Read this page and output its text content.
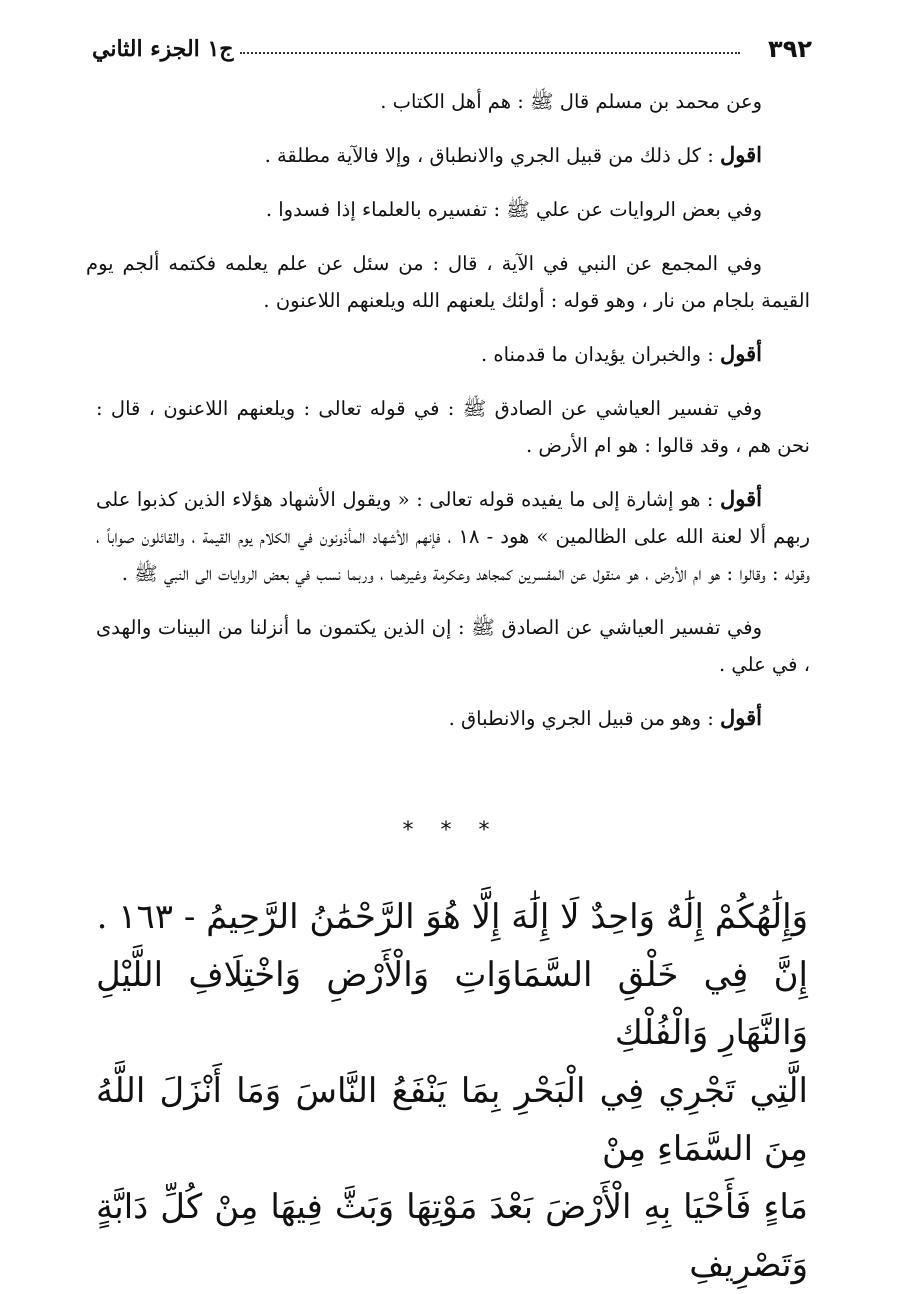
٣٩٢
ج١ الجزء الثاني

وعن محمد بن مسلم قال ﷺ : هم أهل الكتاب .

اقول : كل ذلك من قبيل الجري والانطباق ، وإلا فالآية مطلقة .

وفي بعض الروايات عن علي ﷺ : تفسيره بالعلماء إذا فسدوا .

وفي المجمع عن النبي في الآية ، قال : من سئل عن علم يعلمه فكتمه ألجم يوم القيمة بلجام من نار ، وهو قوله : أولئك يلعنهم الله ويلعنهم اللاعنون .

أقول : والخبران يؤيدان ما قدمناه .

وفي تفسير العياشي عن الصادق ﷺ : في قوله تعالى : ويلعنهم اللاعنون ، قال : نحن هم ، وقد قالوا : هو ام الأرض .

أقول : هو إشارة إلى ما يفيده قوله تعالى : « ويقول الأشهاد هؤلاء الذين كذبوا على ربهم ألا لعنة الله على الظالمين » هود - ١٨ ، فإنهم الأشهاد المأذونون في الكلام يوم القيمة ، والقائلون صواباً ، وقوله : وقالوا : هو ام الأرض ، هو منقول عن المفسرين كمجاهد وعكرمة وغيرهما ، وربما نسب في بعض الروايات الى النبي ﷺ .

وفي تفسير العياشي عن الصادق ﷺ : إن الذين يكتمون ما أنزلنا من البينات والهدى ، في علي .

أقول : وهو من قبيل الجري والانطباق .

* * *

وَإِلَٰهُكُمْ إِلَٰهٌ وَاحِدٌ لَا إِلَٰهَ إِلَّا هُوَ الرَّحْمَٰنُ الرَّحِيمُ - ١٦٣ .

إِنَّ فِي خَلْقِ السَّمَاوَاتِ وَالْأَرْضِ وَاخْتِلَافِ اللَّيْلِ وَالنَّهَارِ وَالْفُلْكِ

الَّتِي تَجْرِي فِي الْبَحْرِ بِمَا يَنْفَعُ النَّاسَ وَمَا أَنْزَلَ اللَّهُ مِنَ السَّمَاءِ مِنْ

مَاءٍ فَأَحْيَا بِهِ الْأَرْضَ بَعْدَ مَوْتِهَا وَبَثَّ فِيهَا مِنْ كُلِّ دَابَّةٍ وَتَصْرِيفِ
